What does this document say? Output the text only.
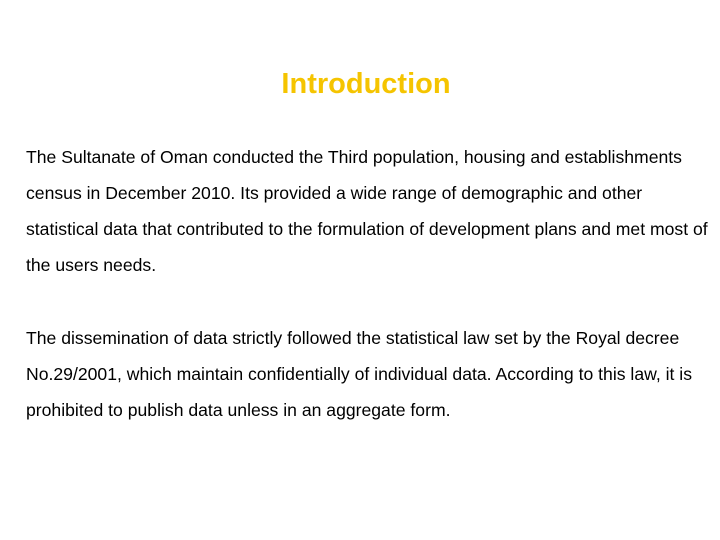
Introduction

The Sultanate of Oman conducted the Third population, housing and establishments census in December 2010. Its provided a wide range of demographic and other statistical data that contributed to the formulation of development plans and met most of the users needs.

The dissemination of data strictly followed the statistical law set by the Royal decree No.29/2001, which maintain confidentially of individual data. According to this law, it is prohibited to publish data unless in an aggregate form.
